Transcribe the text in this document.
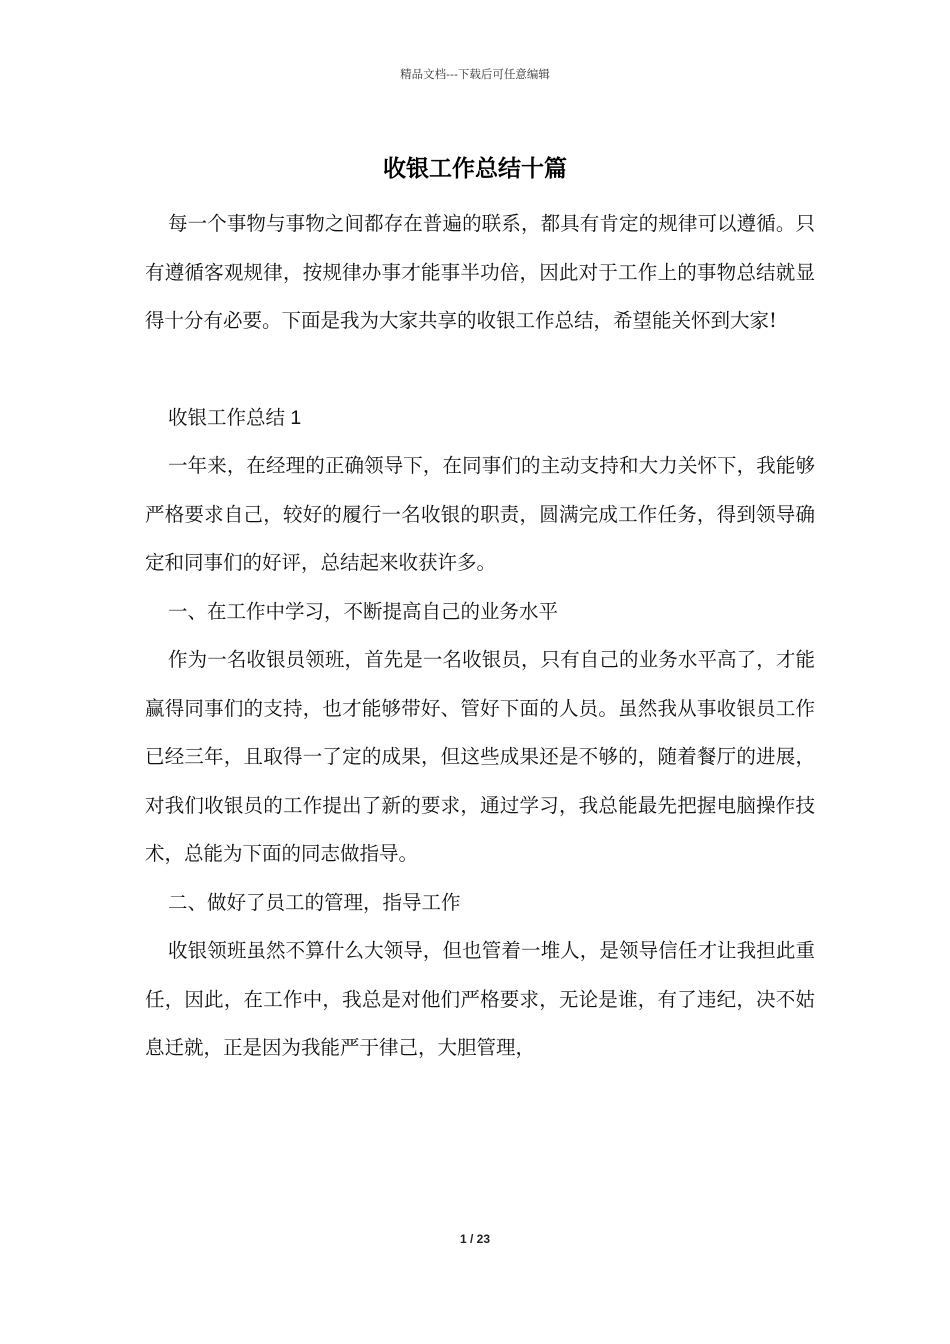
精品文档---下载后可任意编辑
收银工作总结十篇

每一个事物与事物之间都存在普遍的联系，都具有肯定的规律可以遵循。只有遵循客观规律，按规律办事才能事半功倍，因此对于工作上的事物总结就显得十分有必要。下面是我为大家共享的收银工作总结，希望能关怀到大家!

收银工作总结 1

一年来，在经理的正确领导下，在同事们的主动支持和大力关怀下，我能够严格要求自己，较好的履行一名收银的职责，圆满完成工作任务，得到领导确定和同事们的好评，总结起来收获许多。

一、在工作中学习，不断提高自己的业务水平

作为一名收银员领班，首先是一名收银员，只有自己的业务水平高了，才能赢得同事们的支持，也才能够带好、管好下面的人员。虽然我从事收银员工作已经三年，且取得一了定的成果，但这些成果还是不够的，随着餐厅的进展，对我们收银员的工作提出了新的要求，通过学习，我总能最先把握电脑操作技术，总能为下面的同志做指导。

二、做好了员工的管理，指导工作

收银领班虽然不算什么大领导，但也管着一堆人，是领导信任才让我担此重任，因此，在工作中，我总是对他们严格要求，无论是谁，有了违纪，决不姑息迁就，正是因为我能严于律己，大胆管理，

1 / 23
